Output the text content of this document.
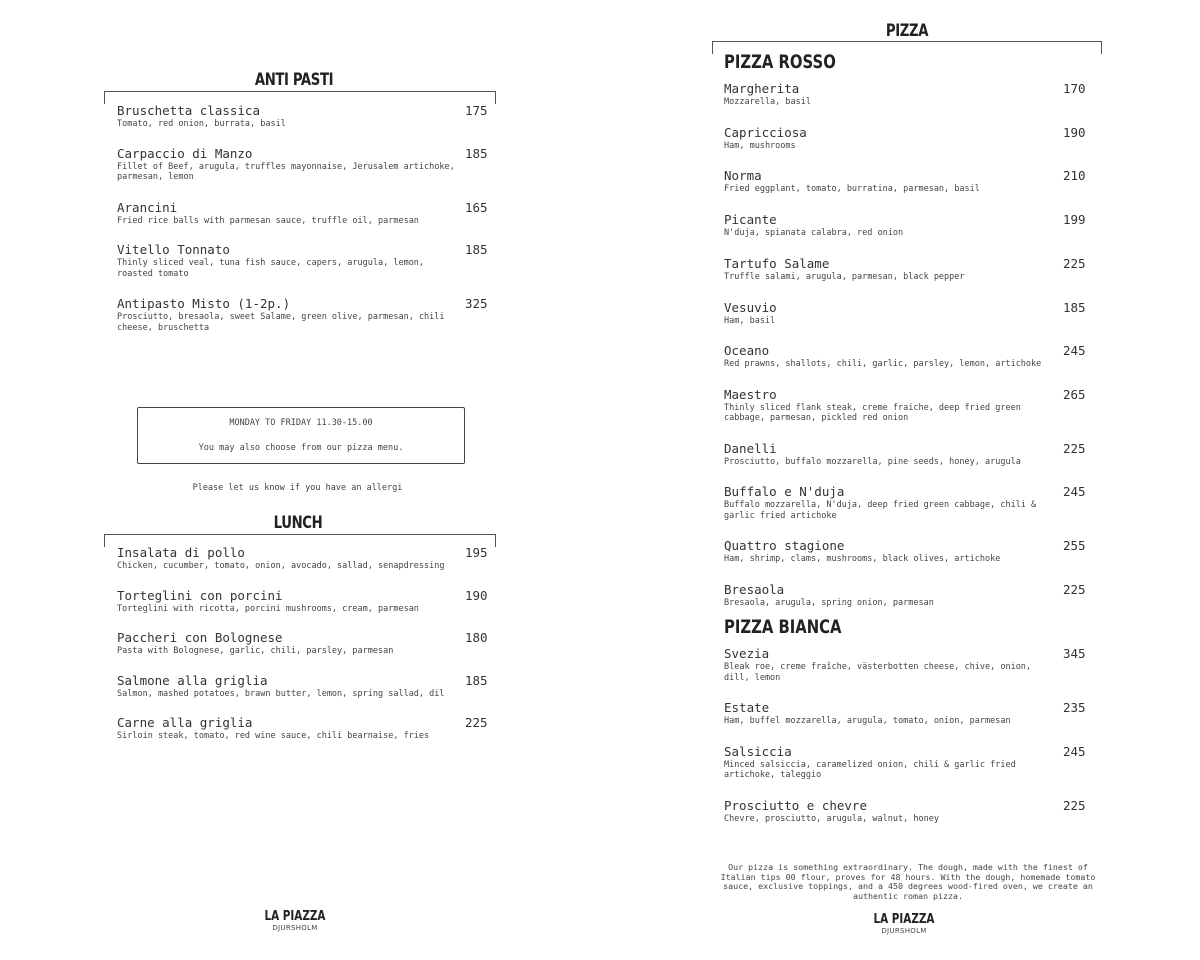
ANTI PASTI
Bruschetta classica
Tomato, red onion, burrata, basil
175
Carpaccio di Manzo
Fillet of Beef, arugula, truffles mayonnaise, Jerusalem artichoke, parmesan, lemon
185
Arancini
Fried rice balls with parmesan sauce, truffle oil, parmesan
165
Vitello Tonnato
Thinly sliced veal, tuna fish sauce, capers, arugula, lemon, roasted tomato
185
Antipasto Misto (1-2p.)
Prosciutto, bresaola, sweet Salame, green olive, parmesan, chili cheese, bruschetta
325
MONDAY TO FRIDAY 11.30-15.00
You may also choose from our pizza menu.
Please let us know if you have an allergi
LUNCH
Insalata di pollo
Chicken, cucumber, tomato, onion, avocado, sallad, senapdressing
195
Torteglini con porcini
Torteglini with ricotta, porcini mushrooms, cream, parmesan
190
Paccheri con Bolognese
Pasta with Bolognese, garlic, chili, parsley, parmesan
180
Salmone alla griglia
Salmon, mashed potatoes, brawn butter, lemon, spring sallad, dil
185
Carne alla griglia
Sirloin steak, tomato, red wine sauce, chili bearnaise, fries
225
LA PIAZZA
DJURSHOLM
PIZZA
PIZZA ROSSO
Margherita
Mozzarella, basil
170
Capricciosa
Ham, mushrooms
190
Norma
Fried eggplant, tomato, burratina, parmesan, basil
210
Picante
N'duja, spianata calabra, red onion
199
Tartufo Salame
Truffle salami, arugula, parmesan, black pepper
225
Vesuvio
Ham, basil
185
Oceano
Red prawns, shallots, chili, garlic, parsley, lemon, artichoke
245
Maestro
Thinly sliced flank steak, creme fraiche, deep fried green cabbage, parmesan, pickled red onion
265
Danelli
Prosciutto, buffalo mozzarella, pine seeds, honey, arugula
225
Buffalo e N'duja
Buffalo mozzarella, N'duja, deep fried green cabbage, chili & garlic fried artichoke
245
Quattro stagione
Ham, shrimp, clams, mushrooms, black olives, artichoke
255
Bresaola
Bresaola, arugula, spring onion, parmesan
225
PIZZA BIANCA
Svezia
Bleak roe, creme fraîche, västerbotten cheese, chive, onion, dill, lemon
345
Estate
Ham, buffel mozzarella, arugula, tomato, onion, parmesan
235
Salsiccia
Minced salsiccia, caramelized onion, chili & garlic fried artichoke, taleggio
245
Prosciutto e chevre
Chevre, prosciutto, arugula, walnut, honey
225
Our pizza is something extraordinary. The dough, made with the finest of Italian tips 00 flour, proves for 48 hours. With the dough, homemade tomato sauce, exclusive toppings, and a 450 degrees wood-fired oven, we create an authentic roman pizza.
LA PIAZZA
DJURSHOLM
